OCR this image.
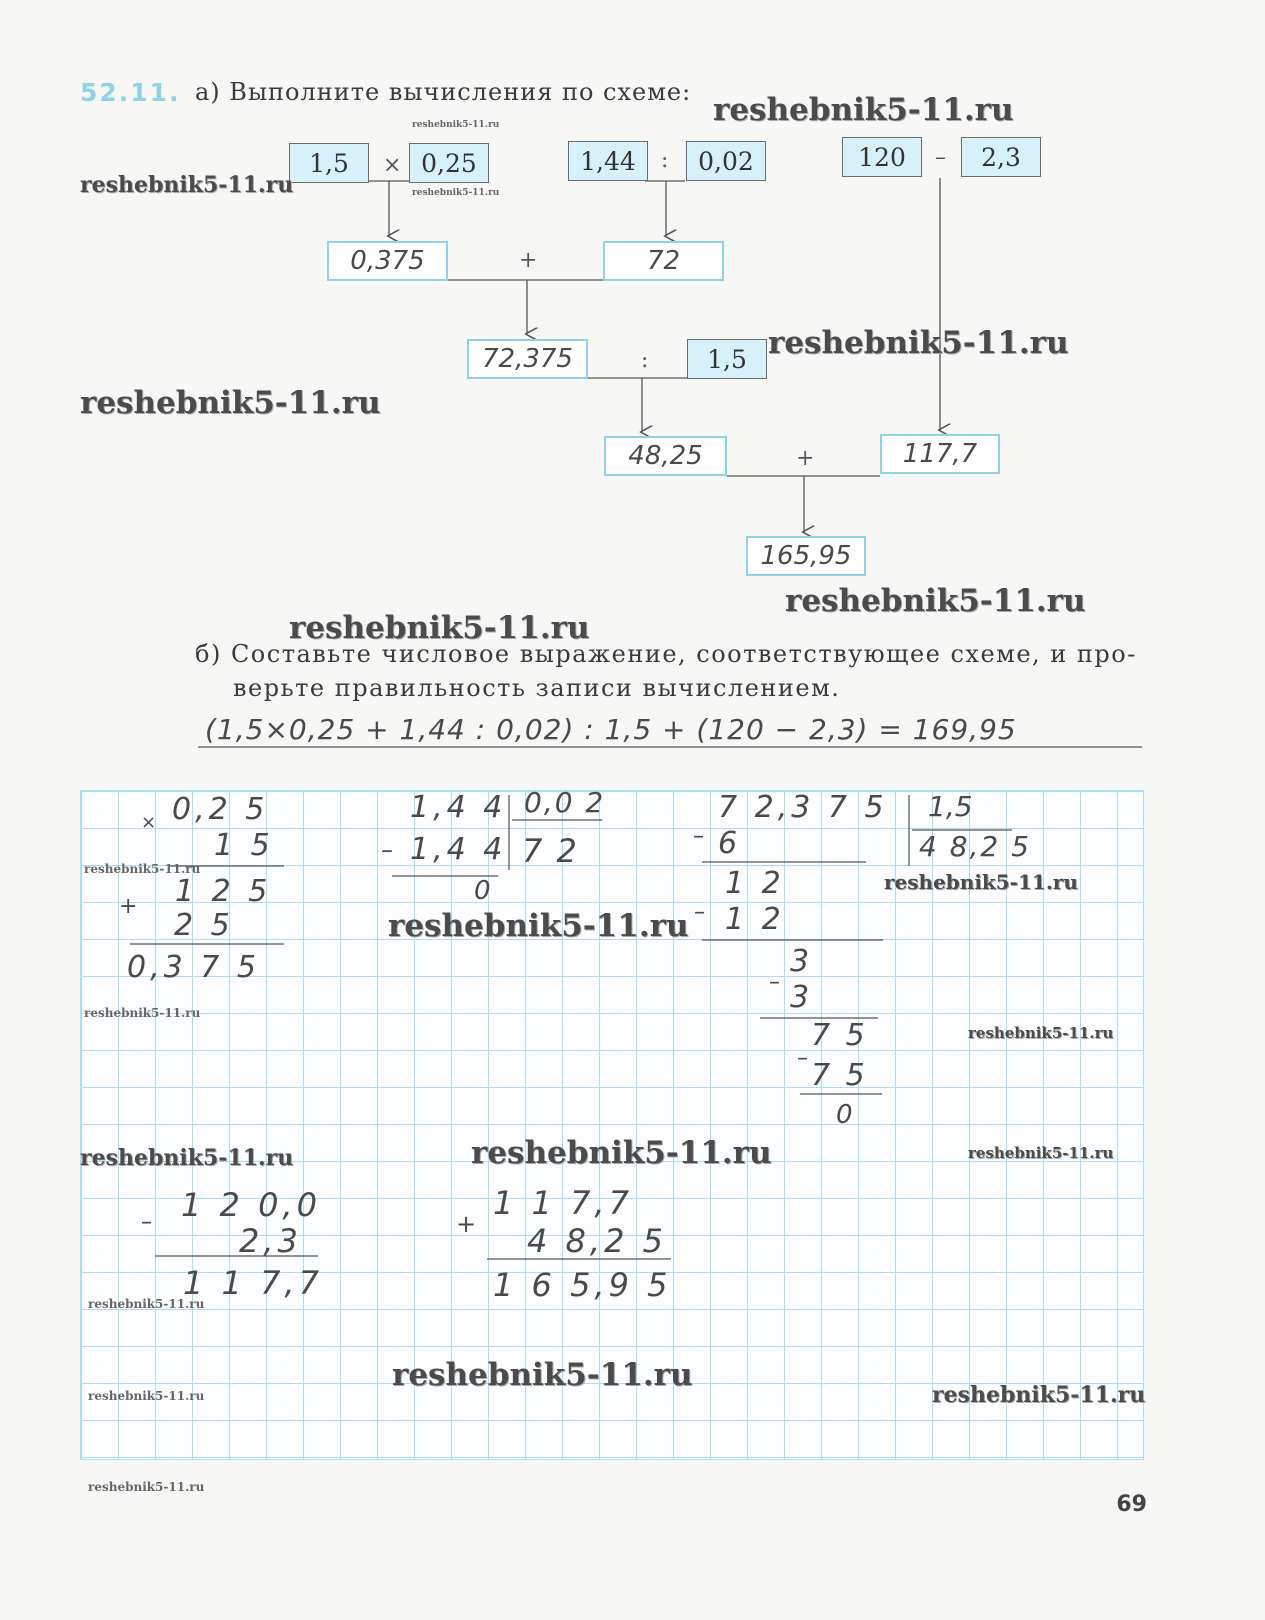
52.11. а) Выполните вычисления по схеме:
1,5	× 0,25	1,44	:	0,02	120	–	2,3
0,375	+	72
72,375	:	1,5
48,25	+	117,7
165,95
б) Составьте числовое выражение, соответствующее схеме, и про-
верьте правильность записи вычислением.
(1,5×0,25 + 1,44 : 0,02) : 1,5 + (120 − 2,3) = 169,95
× 0,2 5
1 5
+ 1 2 5
2 5
0,3 7 5
1,4 4 0,0 2
– 1,4 4 7 2
0
7 2,3 7 5 1,5
4 8,2 5
– 6
1 2
– 1 2
–
3
3
7 5
– 7 5
0
1 2 0,0
–	2,3
1 1 7,7
+
1 1 7,7
4 8,2 5
1 6 5,9 5
reshebnik5-11.ru
reshebnik5-11.ru
reshebnik5-11.ru
reshebnik5-11.ru
reshebnik5-11.ru
reshebnik5-11.ru
reshebnik5-11.ru
reshebnik5-11.ru
reshebnik5-11.ru
reshebnik5-11.ru
reshebnik5-11.ru
reshebnik5-11.ru
reshebnik5-11.ru
reshebnik5-11.ru	reshebnik5-11.ru	reshebnik5-11.ru
reshebnik5-11.ru
reshebnik5-11.ru
reshebnik5-11.ru	reshebnik5-11.ru
reshebnik5-11.ru
69
